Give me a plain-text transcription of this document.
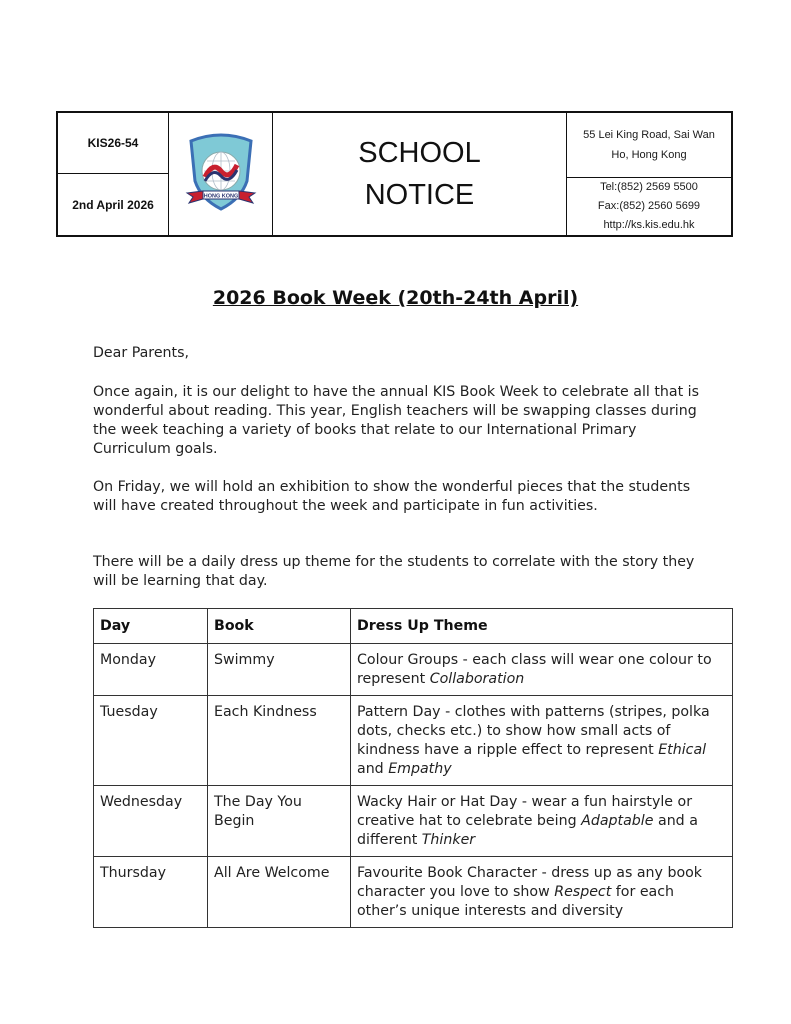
KIS26-54
2nd April 2026
HONG KONG
SCHOOL
NOTICE
55 Lei King Road, Sai Wan
Ho, Hong Kong
Tel:(852) 2569 5500
Fax:(852) 2560 5699
http://ks.kis.edu.hk
2026 Book Week (20th-24th April)
Dear Parents,
Once again, it is our delight to have the annual KIS Book Week to celebrate all that is wonderful about reading. This year, English teachers will be swapping classes during the week teaching a variety of books that relate to our International Primary Curriculum goals.
On Friday, we will hold an exhibition to show the wonderful pieces that the students will have created throughout the week and participate in fun activities.
There will be a daily dress up theme for the students to correlate with the story they will be learning that day.
Day	Book	Dress Up Theme
Monday	Swimmy	Colour Groups - each class will wear one colour to represent Collaboration
Tuesday	Each Kindness	Pattern Day - clothes with patterns (stripes, polka dots, checks etc.) to show how small acts of kindness have a ripple effect to represent Ethical and Empathy
Wednesday	The Day You Begin	Wacky Hair or Hat Day - wear a fun hairstyle or creative hat to celebrate being Adaptable and a different Thinker
Thursday	All Are Welcome	Favourite Book Character - dress up as any book character you love to show Respect for each other’s unique interests and diversity
